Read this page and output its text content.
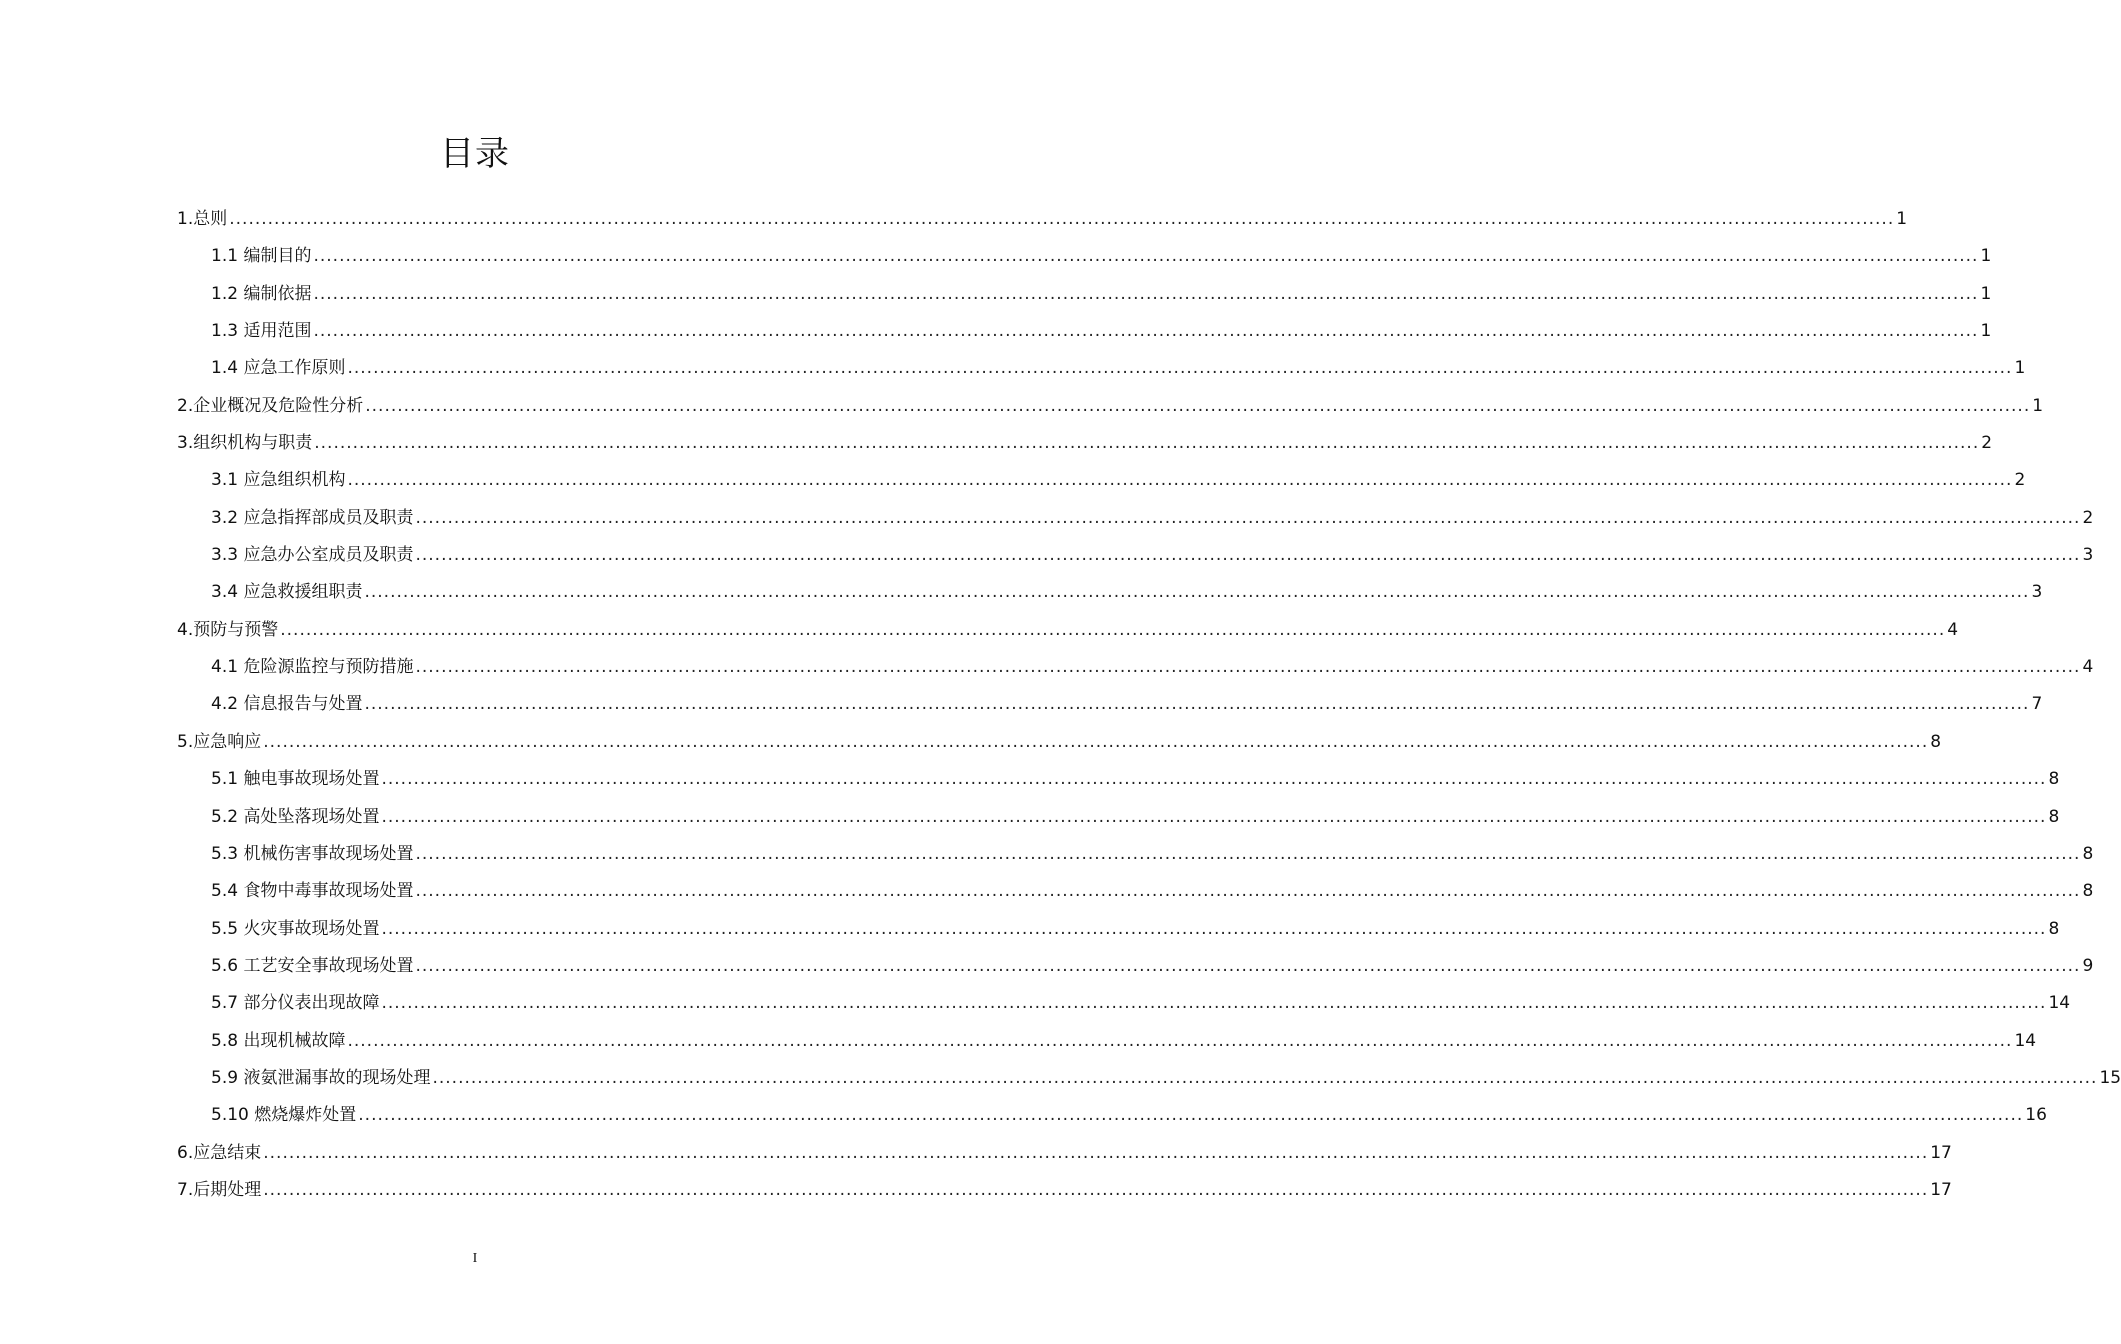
目录
1.总则 .................................................................................................................................................................................................................................................................... 1
1.1 编制目的 .................................................................................................................................................................................................................................................................... 1
1.2 编制依据 .................................................................................................................................................................................................................................................................... 1
1.3 适用范围 .................................................................................................................................................................................................................................................................... 1
1.4 应急工作原则 .................................................................................................................................................................................................................................................................... 1
2.企业概况及危险性分析 .................................................................................................................................................................................................................................................................... 1
3.组织机构与职责 .................................................................................................................................................................................................................................................................... 2
3.1 应急组织机构 .................................................................................................................................................................................................................................................................... 2
3.2 应急指挥部成员及职责 .................................................................................................................................................................................................................................................................... 2
3.3 应急办公室成员及职责 .................................................................................................................................................................................................................................................................... 3
3.4 应急救援组职责 .................................................................................................................................................................................................................................................................... 3
4.预防与预警 .................................................................................................................................................................................................................................................................... 4
4.1 危险源监控与预防措施 .................................................................................................................................................................................................................................................................... 4
4.2 信息报告与处置 .................................................................................................................................................................................................................................................................... 7
5.应急响应 .................................................................................................................................................................................................................................................................... 8
5.1 触电事故现场处置 .................................................................................................................................................................................................................................................................... 8
5.2 高处坠落现场处置 .................................................................................................................................................................................................................................................................... 8
5.3 机械伤害事故现场处置 .................................................................................................................................................................................................................................................................... 8
5.4 食物中毒事故现场处置 .................................................................................................................................................................................................................................................................... 8
5.5 火灾事故现场处置 .................................................................................................................................................................................................................................................................... 8
5.6 工艺安全事故现场处置 .................................................................................................................................................................................................................................................................... 9
5.7 部分仪表出现故障 .................................................................................................................................................................................................................................................................... 14
5.8 出现机械故障 .................................................................................................................................................................................................................................................................... 14
5.9 液氨泄漏事故的现场处理 .................................................................................................................................................................................................................................................................... 15
5.10 燃烧爆炸处置 .................................................................................................................................................................................................................................................................... 16
6.应急结束 .................................................................................................................................................................................................................................................................... 17
7.后期处理 .................................................................................................................................................................................................................................................................... 17
I
